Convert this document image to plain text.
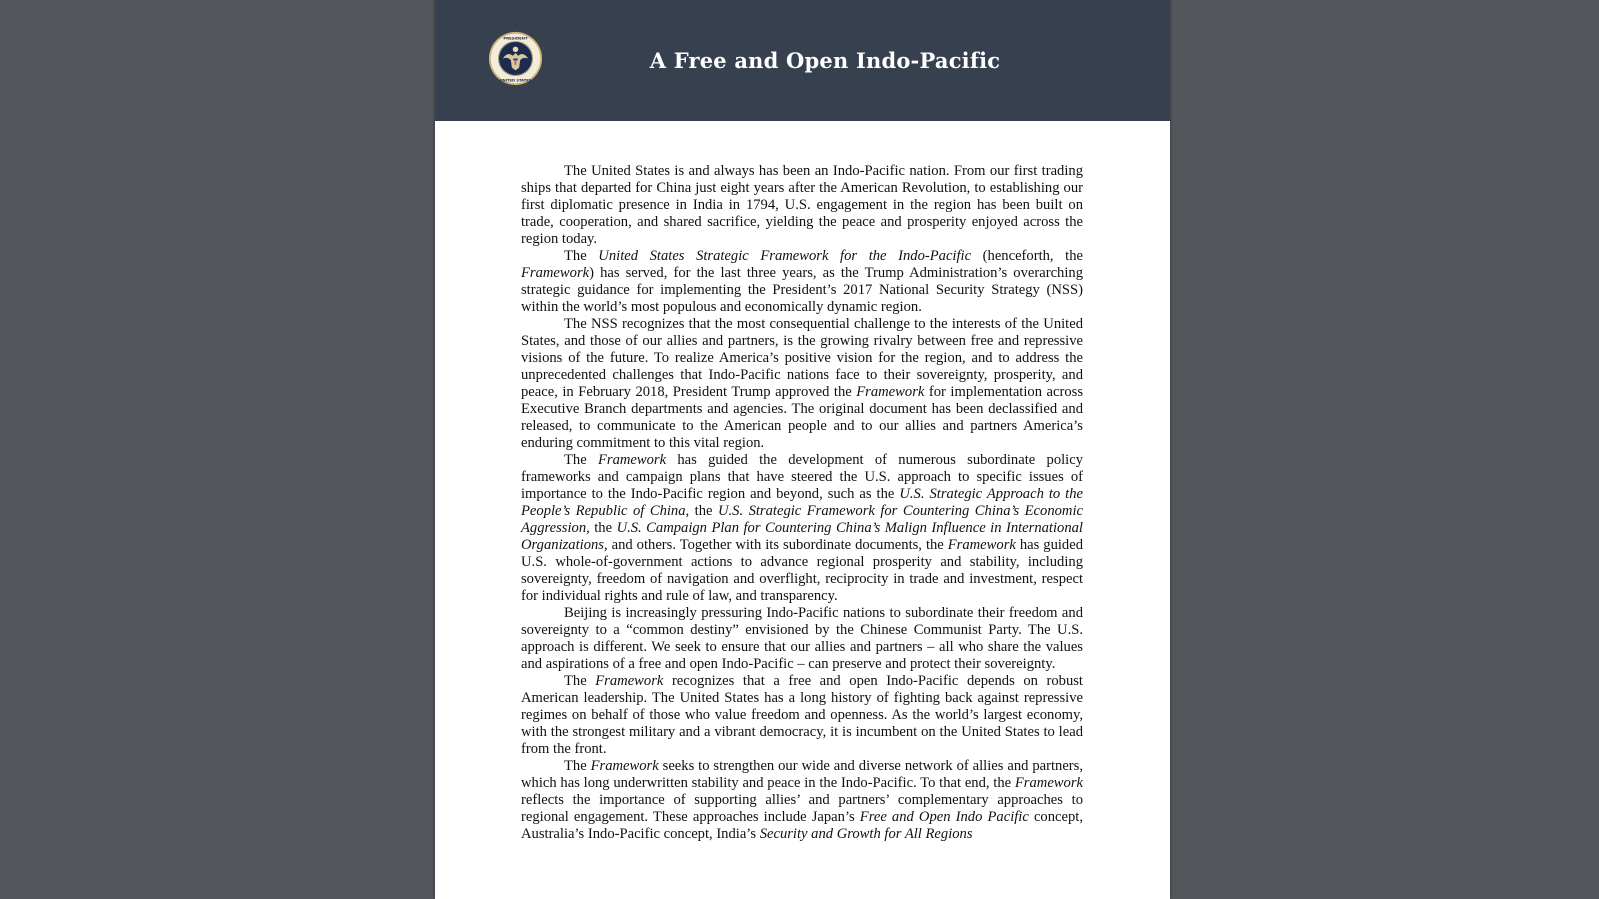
PRESIDENT
UNITED STATES
A Free and Open Indo-Pacific

The United States is and always has been an Indo-Pacific nation. From our first trading ships that departed for China just eight years after the American Revolution, to establishing our first diplomatic presence in India in 1794, U.S. engagement in the region has been built on trade, cooperation, and shared sacrifice, yielding the peace and prosperity enjoyed across the region today.

The United States Strategic Framework for the Indo-Pacific (henceforth, the Framework) has served, for the last three years, as the Trump Administration’s overarching strategic guidance for implementing the President’s 2017 National Security Strategy (NSS) within the world’s most populous and economically dynamic region.

The NSS recognizes that the most consequential challenge to the interests of the United States, and those of our allies and partners, is the growing rivalry between free and repressive visions of the future. To realize America’s positive vision for the region, and to address the unprecedented challenges that Indo-Pacific nations face to their sovereignty, prosperity, and peace, in February 2018, President Trump approved the Framework for implementation across Executive Branch departments and agencies. The original document has been declassified and released, to communicate to the American people and to our allies and partners America’s enduring commitment to this vital region.

The Framework has guided the development of numerous subordinate policy frameworks and campaign plans that have steered the U.S. approach to specific issues of importance to the Indo-Pacific region and beyond, such as the U.S. Strategic Approach to the People’s Republic of China, the U.S. Strategic Framework for Countering China’s Economic Aggression, the U.S. Campaign Plan for Countering China’s Malign Influence in International Organizations, and others. Together with its subordinate documents, the Framework has guided U.S. whole-of-government actions to advance regional prosperity and stability, including sovereignty, freedom of navigation and overflight, reciprocity in trade and investment, respect for individual rights and rule of law, and transparency.

Beijing is increasingly pressuring Indo-Pacific nations to subordinate their freedom and sovereignty to a “common destiny” envisioned by the Chinese Communist Party. The U.S. approach is different. We seek to ensure that our allies and partners – all who share the values and aspirations of a free and open Indo-Pacific – can preserve and protect their sovereignty.

The Framework recognizes that a free and open Indo-Pacific depends on robust American leadership. The United States has a long history of fighting back against repressive regimes on behalf of those who value freedom and openness. As the world’s largest economy, with the strongest military and a vibrant democracy, it is incumbent on the United States to lead from the front.

The Framework seeks to strengthen our wide and diverse network of allies and partners, which has long underwritten stability and peace in the Indo-Pacific. To that end, the Framework reflects the importance of supporting allies’ and partners’ complementary approaches to regional engagement. These approaches include Japan’s Free and Open Indo Pacific concept, Australia’s Indo-Pacific concept, India’s Security and Growth for All Regions
